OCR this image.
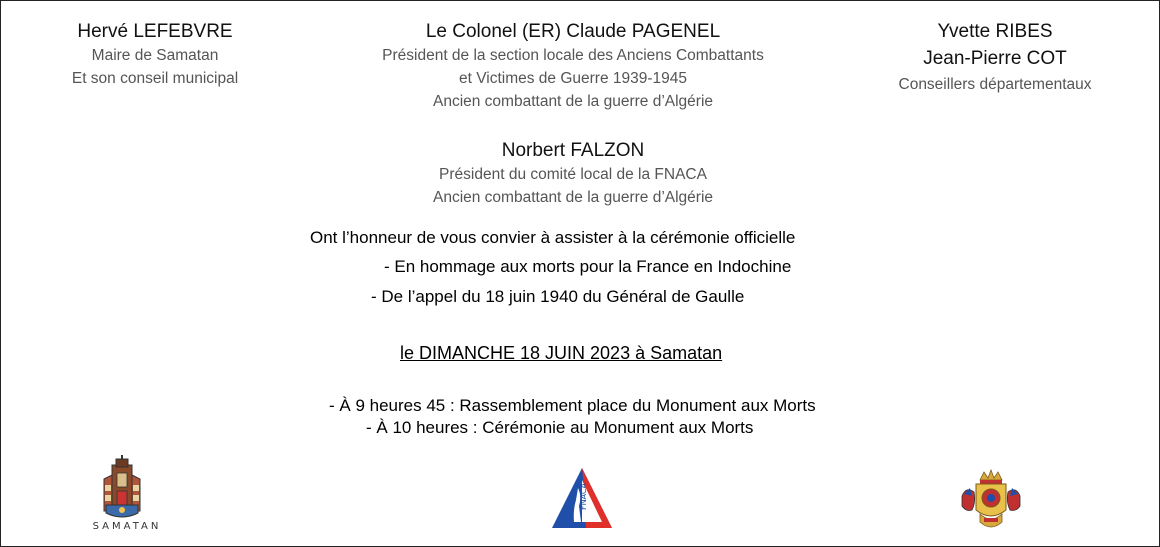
Hervé LEFEBVRE
Maire de Samatan
Et son conseil municipal
Le Colonel (ER) Claude PAGENEL
Président de la section locale des Anciens Combattants
et Victimes de Guerre 1939-1945
Ancien combattant de la guerre d’Algérie
Yvette RIBES
Jean-Pierre COT
Conseillers départementaux
Norbert FALZON
Président du comité local de la FNACA
Ancien combattant de la guerre d’Algérie
Ont l’honneur de vous convier à assister à la cérémonie officielle
- En hommage aux morts pour la France en Indochine
- De l’appel du 18 juin 1940 du Général de Gaulle
le DIMANCHE 18 JUIN 2023 à Samatan
- À 9 heures 45 : Rassemblement place du Monument aux Morts
- À 10 heures : Cérémonie au Monument aux Morts
SAMATAN
FNACA
